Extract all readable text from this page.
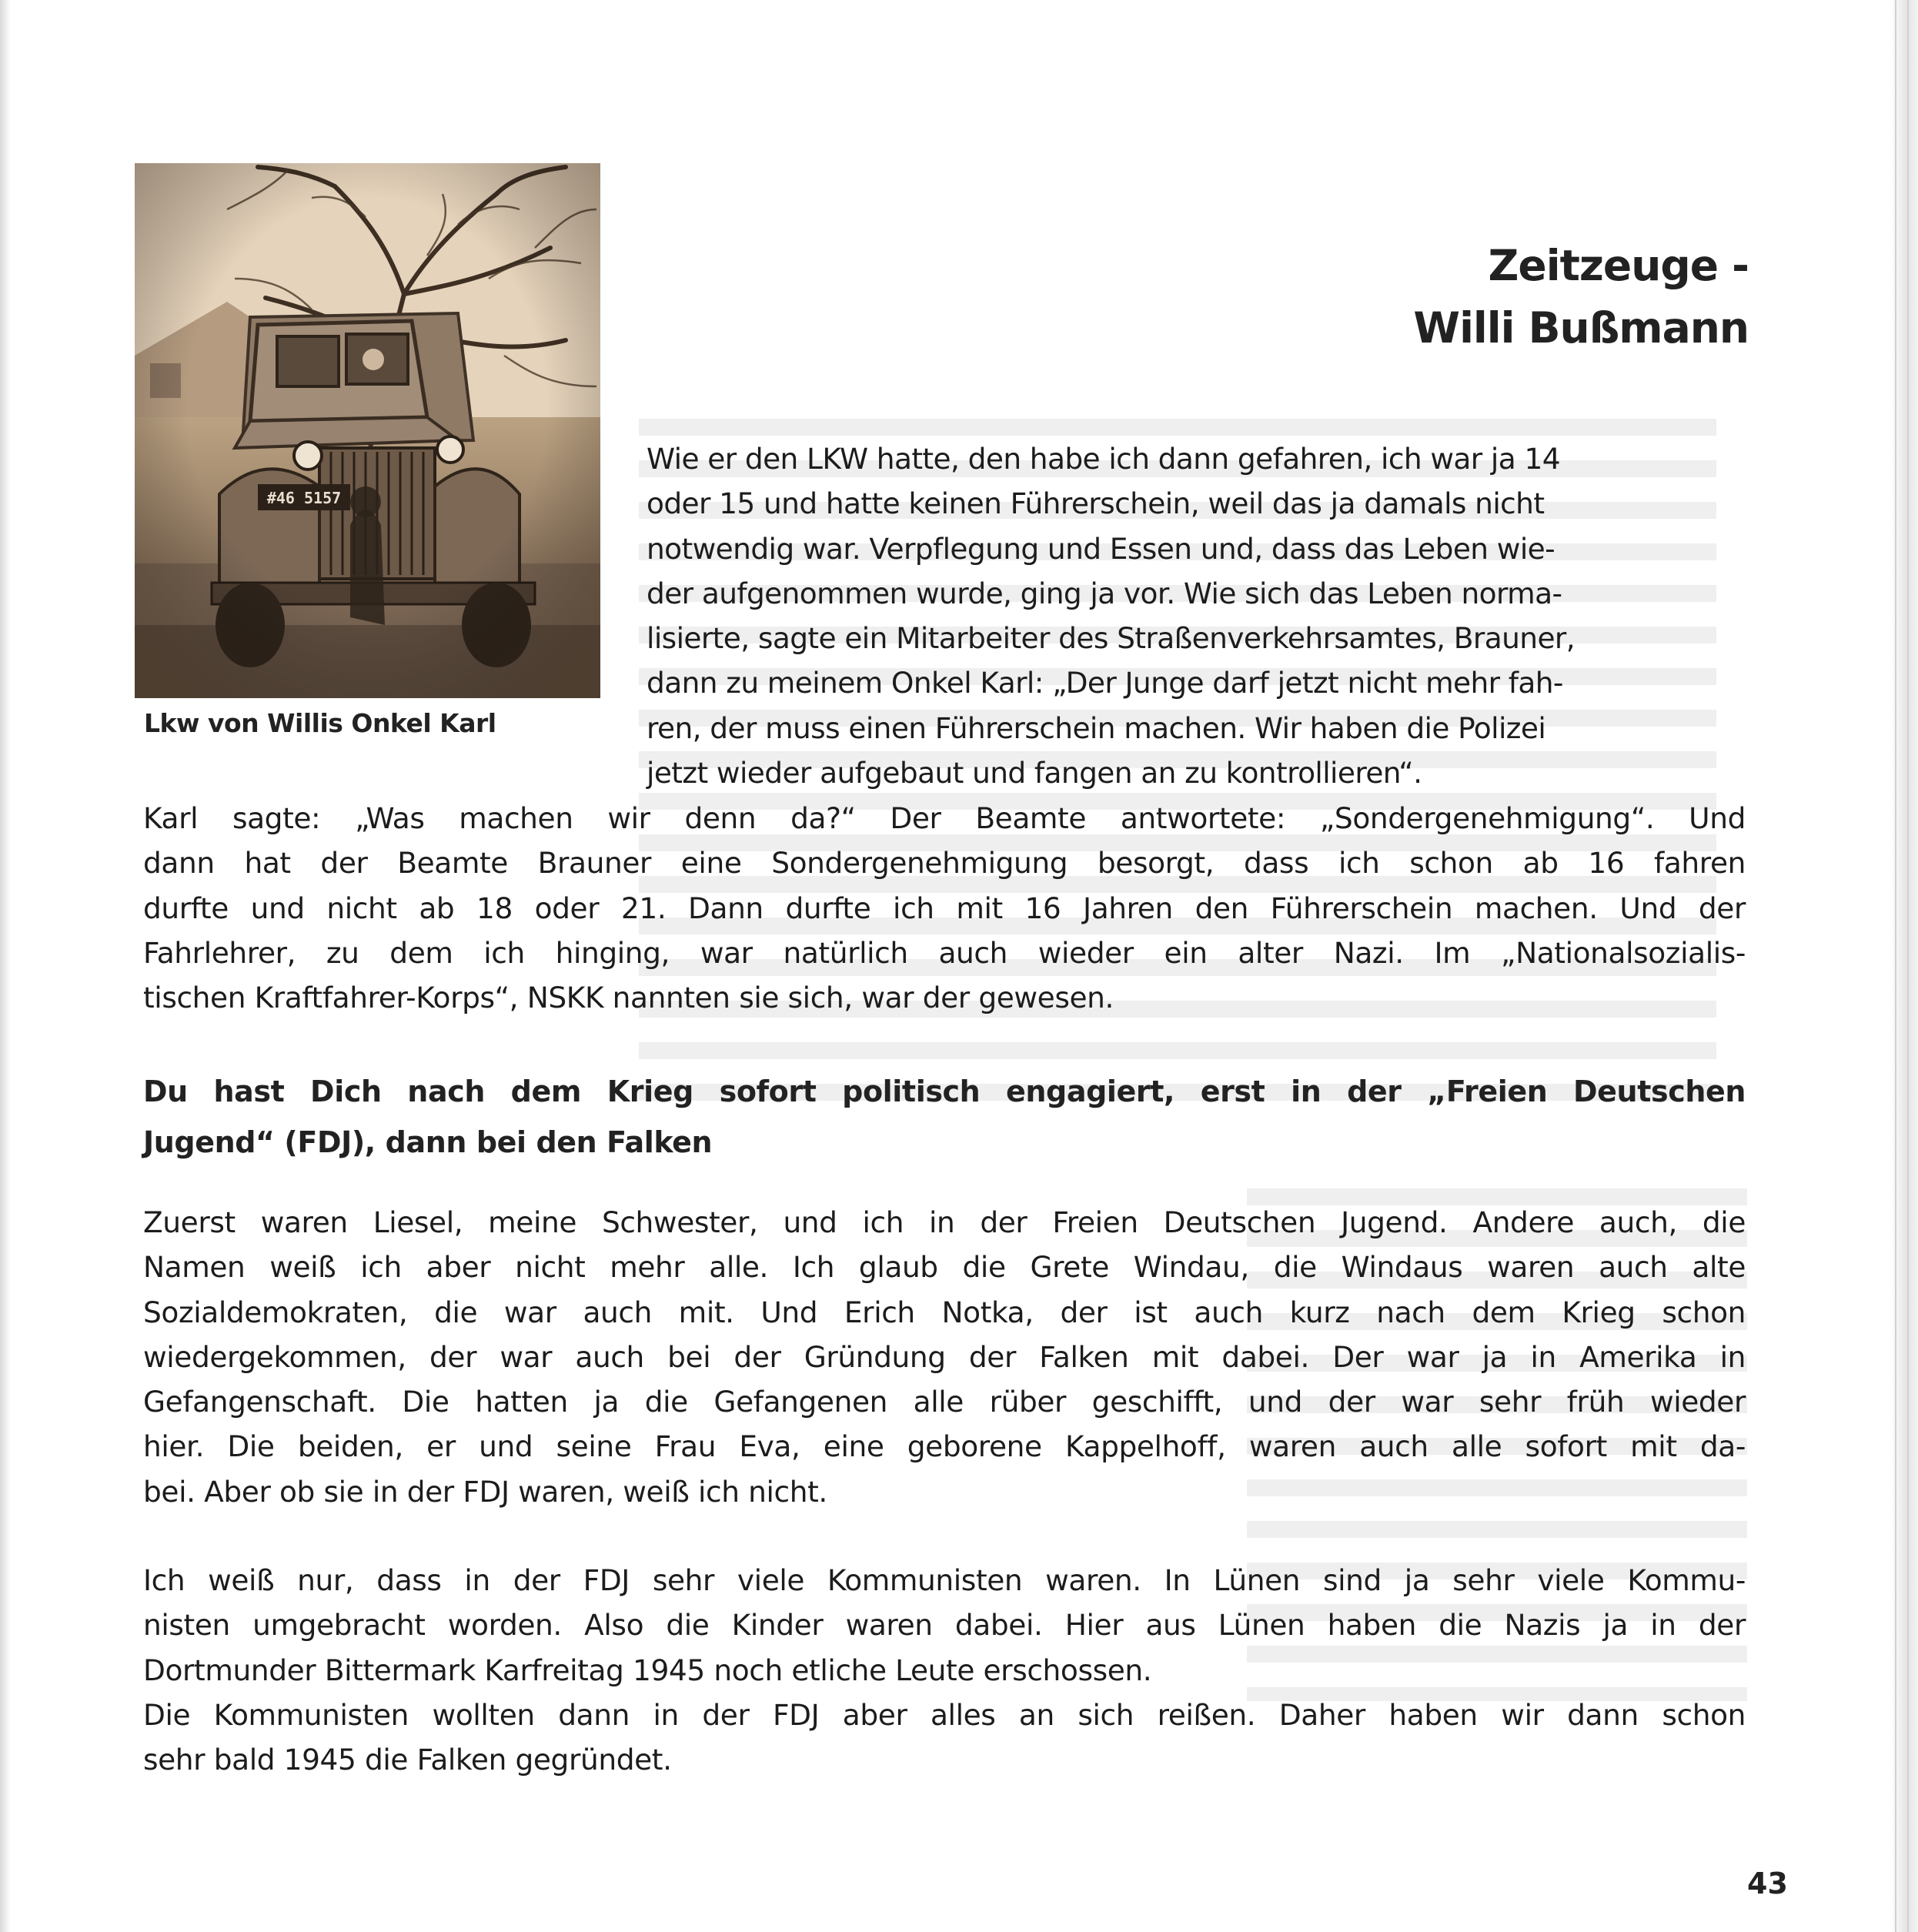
Lkw von Willis Onkel Karl
Zeitzeuge -
Willi Bußmann

Wie er den LKW hatte, den habe ich dann gefahren, ich war ja 14
oder 15 und hatte keinen Führerschein, weil das ja damals nicht
notwendig war. Verpflegung und Essen und, dass das Leben wie-
der aufgenommen wurde, ging ja vor. Wie sich das Leben norma-
lisierte, sagte ein Mitarbeiter des Straßenverkehrsamtes, Brauner,
dann zu meinem Onkel Karl: „Der Junge darf jetzt nicht mehr fah-
ren, der muss einen Führerschein machen. Wir haben die Polizei
jetzt wieder aufgebaut und fangen an zu kontrollieren“.

Karl sagte: „Was machen wir denn da?“ Der Beamte antwortete: „Sondergenehmigung“. Und
dann hat der Beamte Brauner eine Sondergenehmigung besorgt, dass ich schon ab 16 fahren
durfte und nicht ab 18 oder 21. Dann durfte ich mit 16 Jahren den Führerschein machen. Und der
Fahrlehrer, zu dem ich hinging, war natürlich auch wieder ein alter Nazi. Im „Nationalsozialis-
tischen Kraftfahrer-Korps“, NSKK nannten sie sich, war der gewesen.

Du hast Dich nach dem Krieg sofort politisch engagiert, erst in der „Freien Deutschen
Jugend“ (FDJ), dann bei den Falken

Zuerst waren Liesel, meine Schwester, und ich in der Freien Deutschen Jugend. Andere auch, die
Namen weiß ich aber nicht mehr alle. Ich glaub die Grete Windau, die Windaus waren auch alte
Sozialdemokraten, die war auch mit. Und Erich Notka, der ist auch kurz nach dem Krieg schon
wiedergekommen, der war auch bei der Gründung der Falken mit dabei. Der war ja in Amerika in
Gefangenschaft. Die hatten ja die Gefangenen alle rüber geschifft, und der war sehr früh wieder
hier. Die beiden, er und seine Frau Eva, eine geborene Kappelhoff, waren auch alle sofort mit da-
bei. Aber ob sie in der FDJ waren, weiß ich nicht.

Ich weiß nur, dass in der FDJ sehr viele Kommunisten waren. In Lünen sind ja sehr viele Kommu-
nisten umgebracht worden. Also die Kinder waren dabei. Hier aus Lünen haben die Nazis ja in der
Dortmunder Bittermark Karfreitag 1945 noch etliche Leute erschossen.

Die Kommunisten wollten dann in der FDJ aber alles an sich reißen. Daher haben wir dann schon
sehr bald 1945 die Falken gegründet.

43
